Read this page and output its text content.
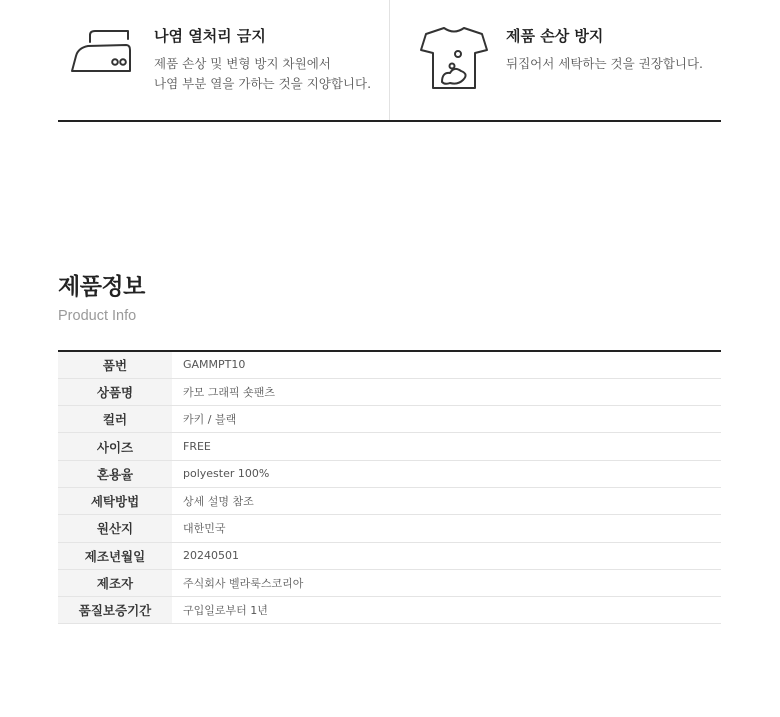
나염 열처리 금지
제품 손상 및 변형 방지 차원에서
나염 부분 열을 가하는 것을 지양합니다.
제품 손상 방지
뒤집어서 세탁하는 것을 권장합니다.
제품정보
Product Info
품번	GAMMPT10
상품명	카모 그래픽 숏팬츠
컬러	카키 / 블랙
사이즈	FREE
혼용율	polyester 100%
세탁방법	상세 설명 참조
원산지	대한민국
제조년월일	20240501
제조자	주식회사 벨라룩스코리아
품질보증기간	구입일로부터 1년
